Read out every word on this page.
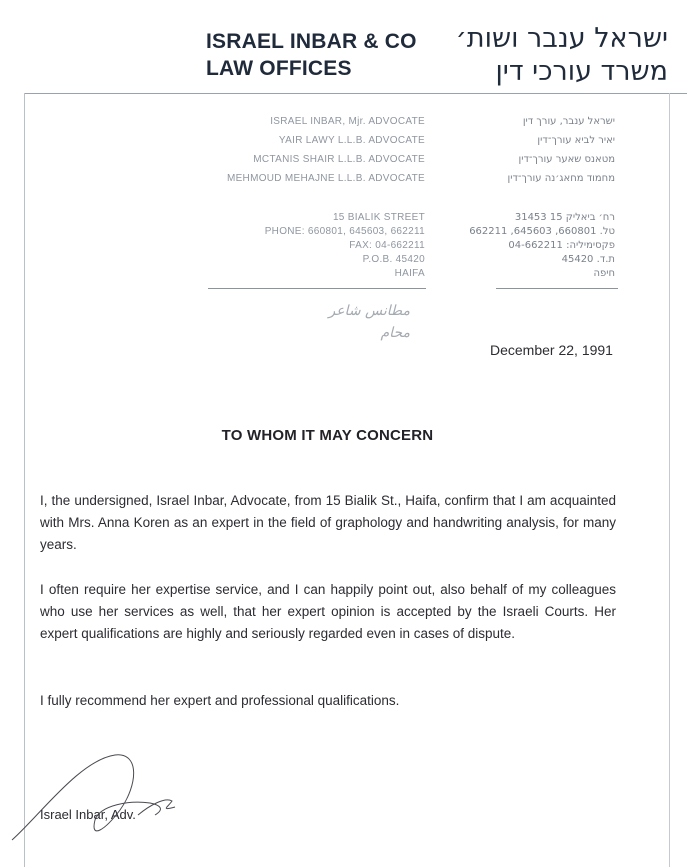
ISRAEL INBAR & CO
LAW OFFICES
ישראל ענבר ושות׳
משרד עורכי דין
ISRAEL INBAR, Mjr. ADVOCATE
YAIR LAWY L.L.B. ADVOCATE
MCTANIS SHAIR L.L.B. ADVOCATE
MEHMOUD MEHAJNE L.L.B. ADVOCATE
ישראל ענבר, עורך דין
יאיר לביא עורך־דין
מטאנס שאער עורך־דין
מחמוד מחאג׳נה עורך־דין
15 BIALIK STREET
PHONE: 660801, 645603, 662211
FAX: 04-662211
P.O.B. 45420
HAIFA
רח׳ ביאליק 15 31453
טל. 660801, 645603, 662211
פקסימיליה: 04-662211
ת.ד. 45420
חיפה
مطانس شاعر
محام
December 22, 1991
TO WHOM IT MAY CONCERN
I, the undersigned, Israel Inbar, Advocate, from 15 Bialik St., Haifa, confirm that I am acquainted with Mrs. Anna Koren as an expert in the field of graphology and handwriting analysis, for many years.
I often require her expertise service, and I can happily point out, also behalf of my colleagues who use her services as well, that her expert opinion is accepted by the Israeli Courts. Her expert qualifications are highly and seriously regarded even in cases of dispute.
I fully recommend her expert and professional qualifications.
Israel Inbar, Adv.
